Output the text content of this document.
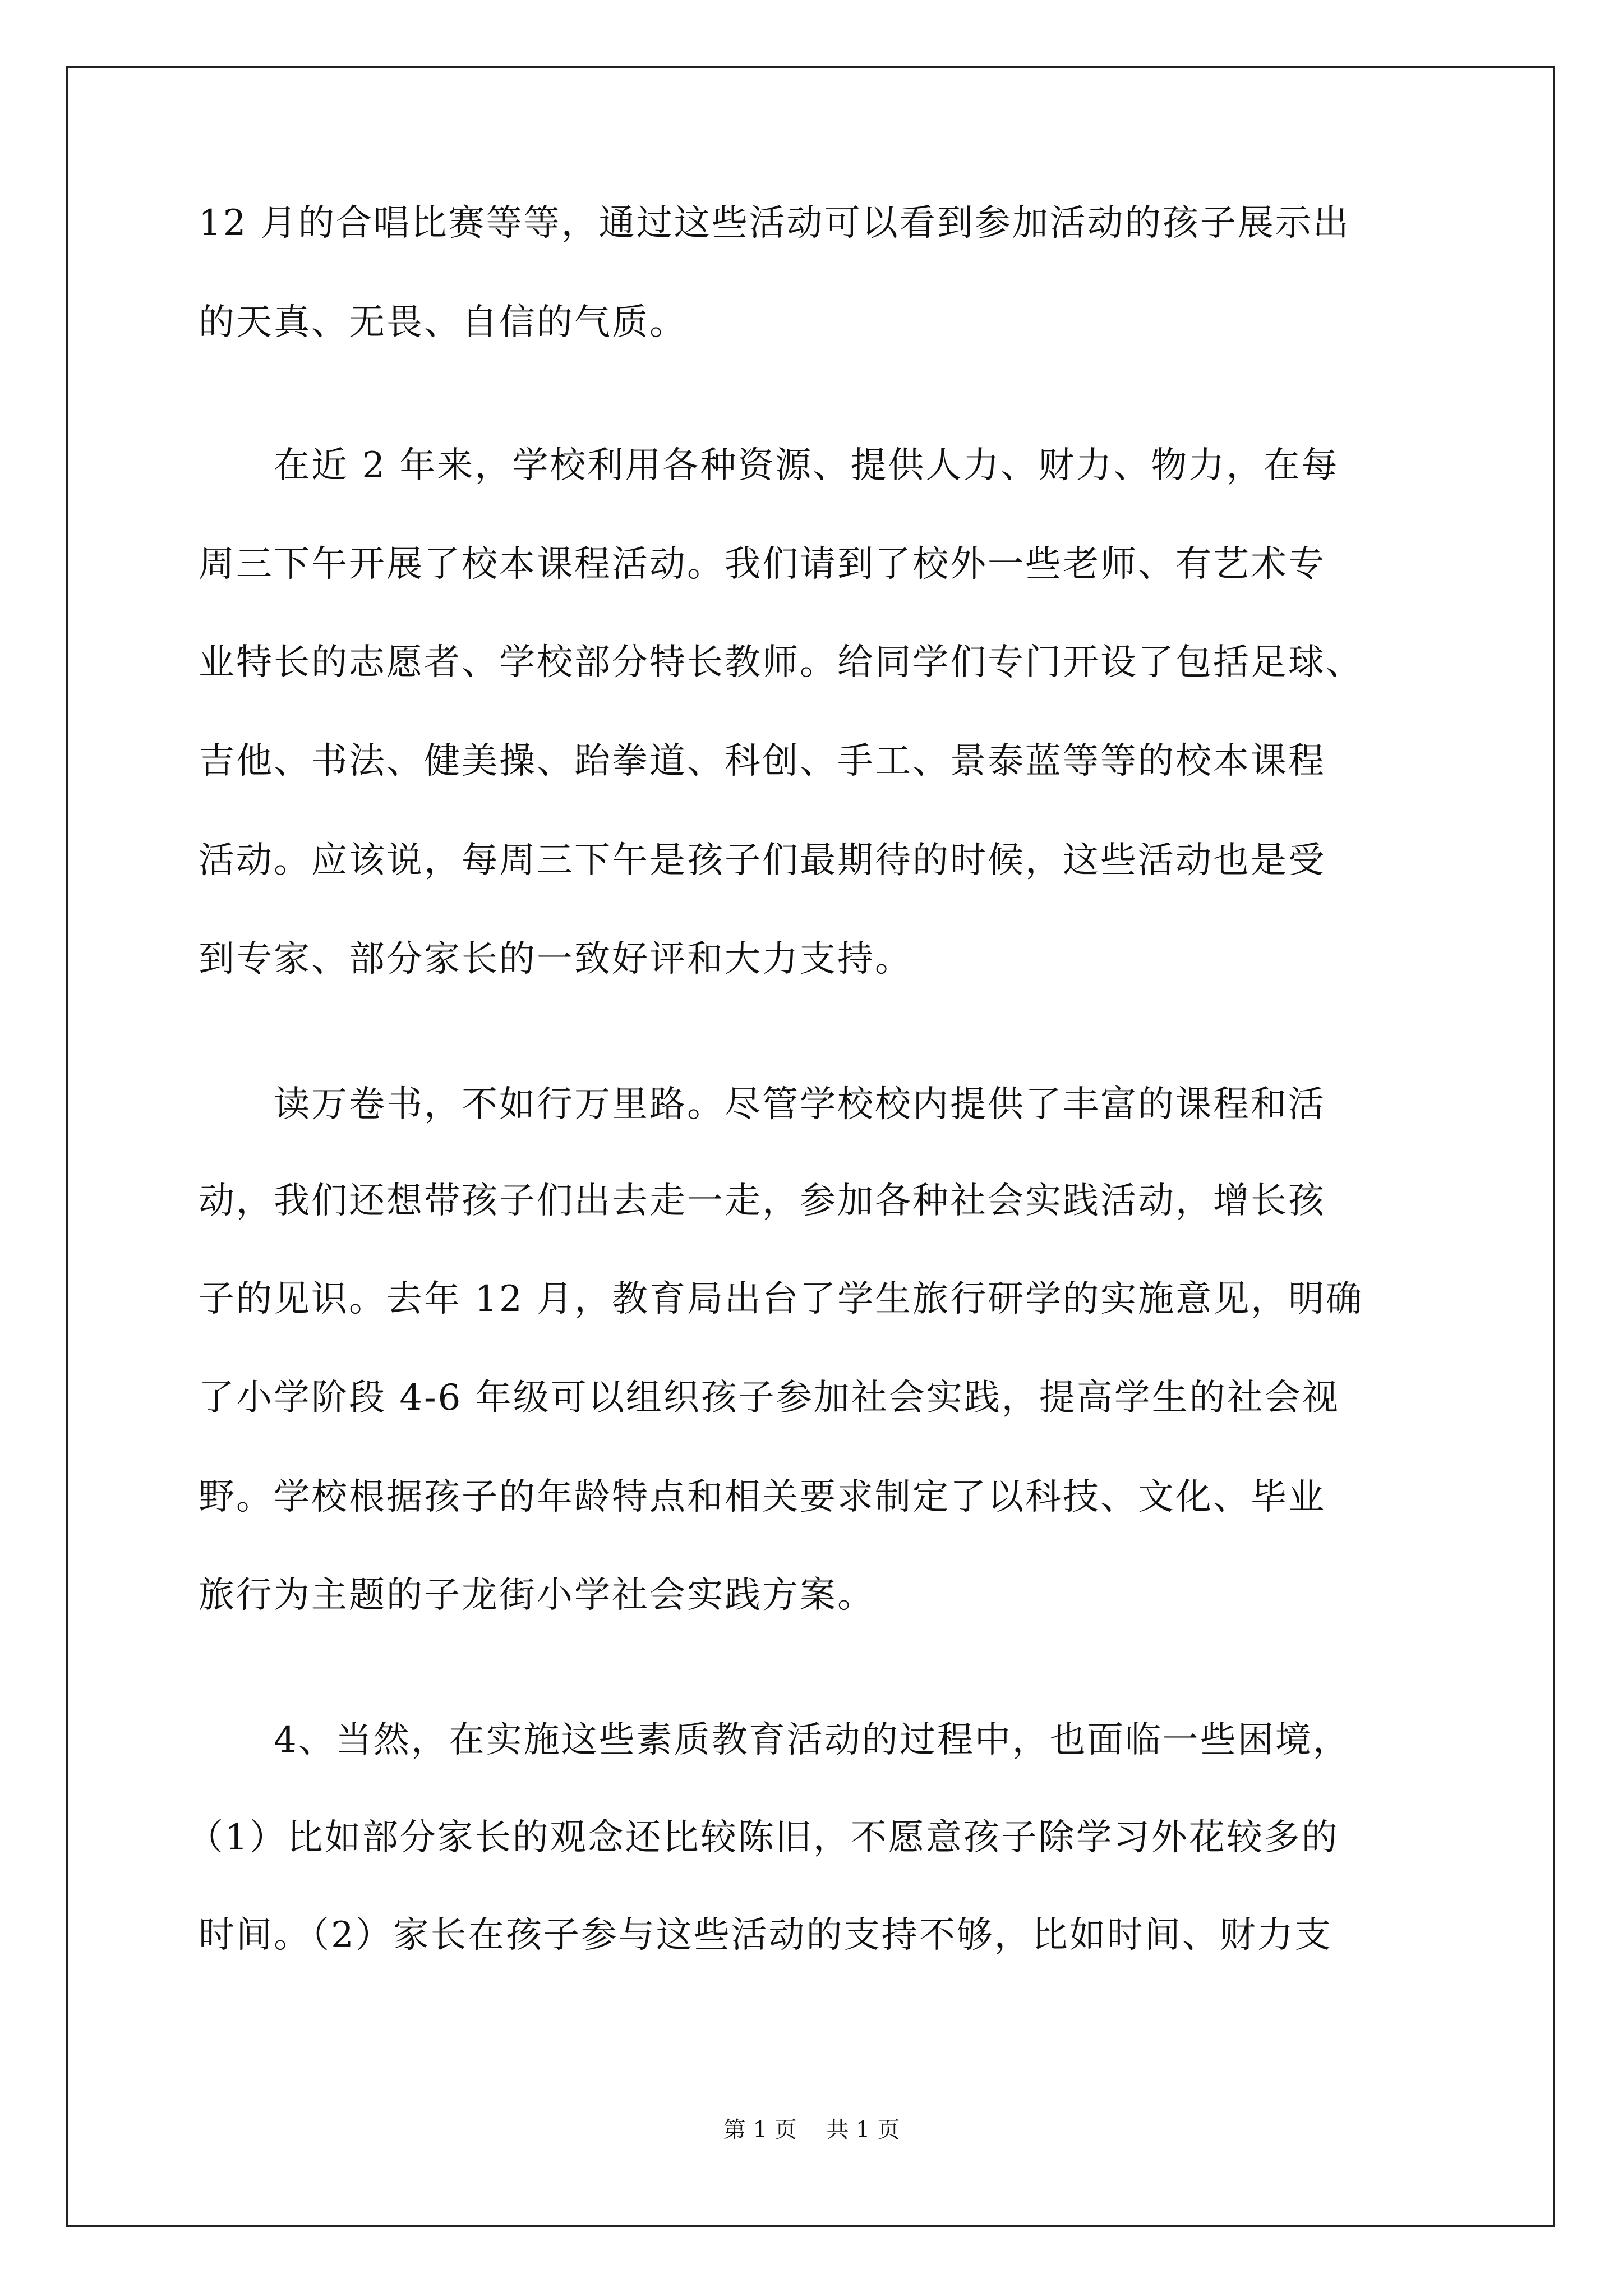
12 月的合唱比赛等等，通过这些活动可以看到参加活动的孩子展示出
的天真、无畏、自信的气质。
　　在近 2 年来，学校利用各种资源、提供人力、财力、物力，在每
周三下午开展了校本课程活动。我们请到了校外一些老师、有艺术专
业特长的志愿者、学校部分特长教师。给同学们专门开设了包括足球、
吉他、书法、健美操、跆拳道、科创、手工、景泰蓝等等的校本课程
活动。应该说，每周三下午是孩子们最期待的时候，这些活动也是受
到专家、部分家长的一致好评和大力支持。
　　读万卷书，不如行万里路。尽管学校校内提供了丰富的课程和活
动，我们还想带孩子们出去走一走，参加各种社会实践活动，增长孩
子的见识。去年 12 月，教育局出台了学生旅行研学的实施意见，明确
了小学阶段 4-6 年级可以组织孩子参加社会实践，提高学生的社会视
野。学校根据孩子的年龄特点和相关要求制定了以科技、文化、毕业
旅行为主题的子龙街小学社会实践方案。
　　4、当然，在实施这些素质教育活动的过程中，也面临一些困境，
（1）比如部分家长的观念还比较陈旧，不愿意孩子除学习外花较多的
时间。（2）家长在孩子参与这些活动的支持不够，比如时间、财力支
第 1 页　 共 1 页
